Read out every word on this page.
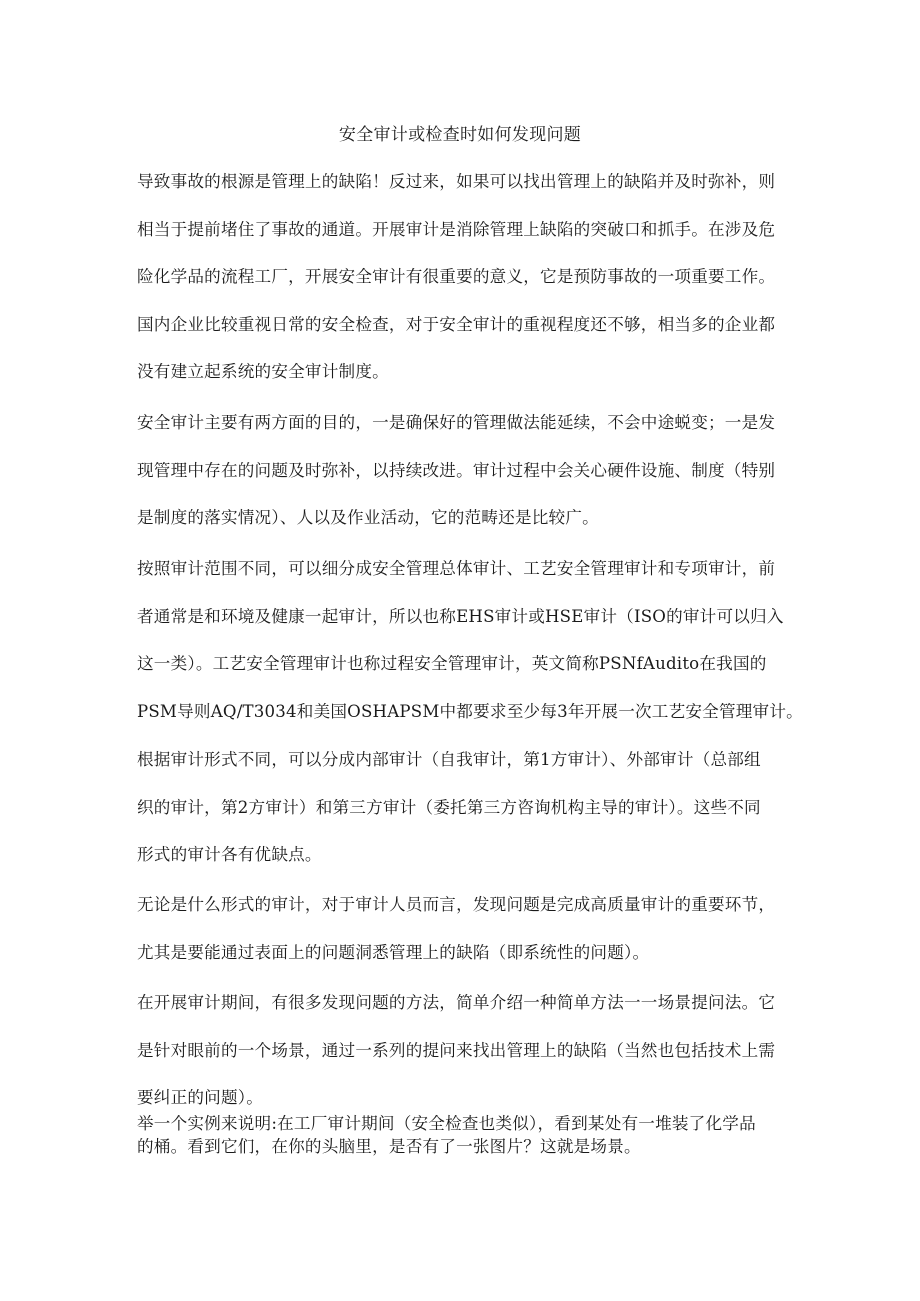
安全审计或检查时如何发现问题
导致事故的根源是管理上的缺陷！反过来，如果可以找出管理上的缺陷并及时弥补，则
相当于提前堵住了事故的通道。开展审计是消除管理上缺陷的突破口和抓手。在涉及危
险化学品的流程工厂，开展安全审计有很重要的意义，它是预防事故的一项重要工作。
国内企业比较重视日常的安全检查，对于安全审计的重视程度还不够，相当多的企业都
没有建立起系统的安全审计制度。
安全审计主要有两方面的目的，一是确保好的管理做法能延续，不会中途蜕变；一是发
现管理中存在的问题及时弥补，以持续改进。审计过程中会关心硬件设施、制度（特别
是制度的落实情况）、人以及作业活动，它的范畴还是比较广。
按照审计范围不同，可以细分成安全管理总体审计、工艺安全管理审计和专项审计，前
者通常是和环境及健康一起审计，所以也称EHS审计或HSE审计（ISO的审计可以归入
这一类）。工艺安全管理审计也称过程安全管理审计，英文简称PSNfAudito在我国的
PSM导则AQ/T3034和美国OSHAPSM中都要求至少每3年开展一次工艺安全管理审计。
根据审计形式不同，可以分成内部审计（自我审计，第1方审计）、外部审计（总部组
织的审计，第2方审计）和第三方审计（委托第三方咨询机构主导的审计）。这些不同
形式的审计各有优缺点。
无论是什么形式的审计，对于审计人员而言，发现问题是完成高质量审计的重要环节，
尤其是要能通过表面上的问题洞悉管理上的缺陷（即系统性的问题）。
在开展审计期间，有很多发现问题的方法，简单介绍一种简单方法一一场景提问法。它
是针对眼前的一个场景，通过一系列的提问来找出管理上的缺陷（当然也包括技术上需
要纠正的问题）。
举一个实例来说明:在工厂审计期间（安全检查也类似），看到某处有一堆装了化学品
的桶。看到它们，在你的头脑里，是否有了一张图片？这就是场景。
